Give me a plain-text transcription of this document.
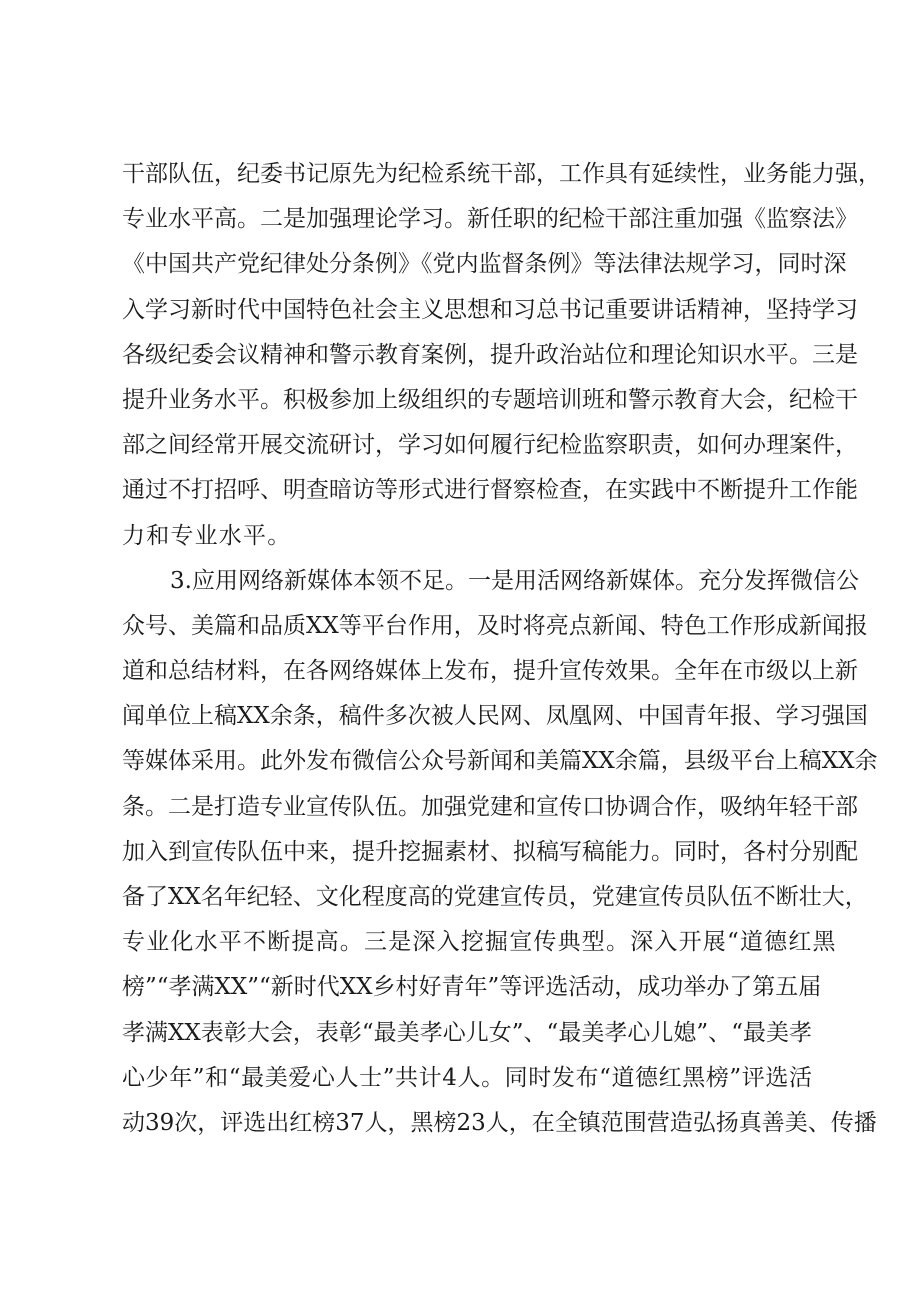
干部队伍，纪委书记原先为纪检系统干部，工作具有延续性，业务能力强，
专业水平高。二是加强理论学习。新任职的纪检干部注重加强《监察法》
《中国共产党纪律处分条例》《党内监督条例》等法律法规学习，同时深
入学习新时代中国特色社会主义思想和习总书记重要讲话精神，坚持学习
各级纪委会议精神和警示教育案例，提升政治站位和理论知识水平。三是
提升业务水平。积极参加上级组织的专题培训班和警示教育大会，纪检干
部之间经常开展交流研讨，学习如何履行纪检监察职责，如何办理案件，
通过不打招呼、明查暗访等形式进行督察检查，在实践中不断提升工作能
力和专业水平。
3.应用网络新媒体本领不足。一是用活网络新媒体。充分发挥微信公
众号、美篇和品质XX等平台作用，及时将亮点新闻、特色工作形成新闻报
道和总结材料，在各网络媒体上发布，提升宣传效果。全年在市级以上新
闻单位上稿XX余条，稿件多次被人民网、凤凰网、中国青年报、学习强国
等媒体采用。此外发布微信公众号新闻和美篇XX余篇，县级平台上稿XX余
条。二是打造专业宣传队伍。加强党建和宣传口协调合作，吸纳年轻干部
加入到宣传队伍中来，提升挖掘素材、拟稿写稿能力。同时，各村分别配
备了XX名年纪轻、文化程度高的党建宣传员，党建宣传员队伍不断壮大，
专业化水平不断提高。三是深入挖掘宣传典型。深入开展“道德红黑
榜”“孝满XX”“新时代XX乡村好青年”等评选活动，成功举办了第五届
孝满XX表彰大会，表彰“最美孝心儿女”、“最美孝心儿媳”、“最美孝
心少年”和“最美爱心人士”共计4人。同时发布“道德红黑榜”评选活
动39次，评选出红榜37人，黑榜23人，在全镇范围营造弘扬真善美、传播
